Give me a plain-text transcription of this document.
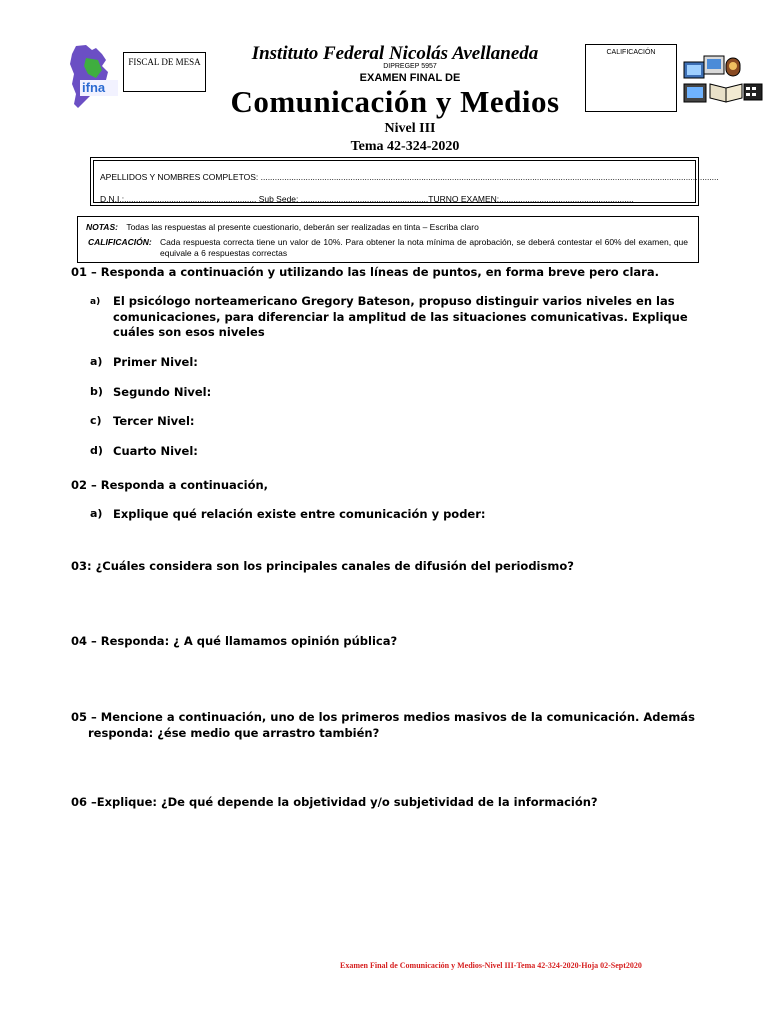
ifna
FISCAL DE MESA	Instituto Federal Nicolás Avellaneda
DIPREGEP 5957
EXAMEN FINAL DE
Comunicación y Medios
Nivel III
Tema 42-324-2020
CALIFICACIÓN
APELLIDOS Y NOMBRES COMPLETOS: ..................................................................................................................................................................................................
D.N.I.:........................................................ Sub Sede: ......................................................TURNO EXAMEN:.........................................................
NOTAS: Todas las respuestas al presente cuestionario, deberán ser realizadas en tinta – Escriba claro
CALIFICACIÓN: Cada respuesta correcta tiene un valor de 10%. Para obtener la nota mínima de aprobación, se deberá contestar el 60% del examen, que equivale a 6 respuestas correctas
01 – Responda a continuación y utilizando las líneas de puntos, en forma breve pero clara.
a) El psicólogo norteamericano Gregory Bateson, propuso distinguir varios niveles en las comunicaciones, para diferenciar la amplitud de las situaciones comunicativas. Explique cuáles son esos niveles
a) Primer Nivel:
b) Segundo Nivel:
c) Tercer Nivel:
d) Cuarto Nivel:
02 – Responda a continuación,
a) Explique qué relación existe entre comunicación y poder:
03: ¿Cuáles considera son los principales canales de difusión del periodismo?
04 – Responda: ¿ A qué llamamos opinión pública?
05 – Mencione a continuación, uno de los primeros medios masivos de la comunicación. Además
responda: ¿ése medio que arrastro también?
06 –Explique: ¿De qué depende la objetividad y/o subjetividad de la información?
Examen Final de Comunicación y Medios-Nivel III-Tema 42-324-2020-Hoja 02-Sept2020
